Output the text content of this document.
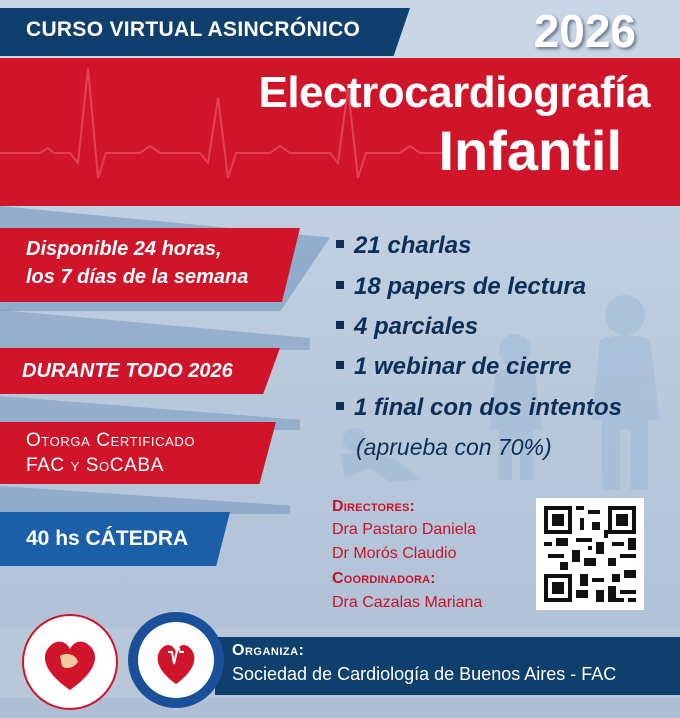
CURSO VIRTUAL ASINCRÓNICO	2026
Electrocardiografía
Infantil
Disponible 24 horas,
los 7 días de la semana
DURANTE TODO 2026
Otorga Certificado
FAC y SoCABA
40 hs CÁTEDRA
21 charlas
18 papers de lectura
4 parciales
1 webinar de cierre
1 final con dos intentos
(aprueba con 70%)
Directores:
Dra Pastaro Daniela
Dr Morós Claudio
Coordinadora:
Dra Cazalas Mariana
Organiza:
Sociedad de Cardiología de Buenos Aires - FAC
